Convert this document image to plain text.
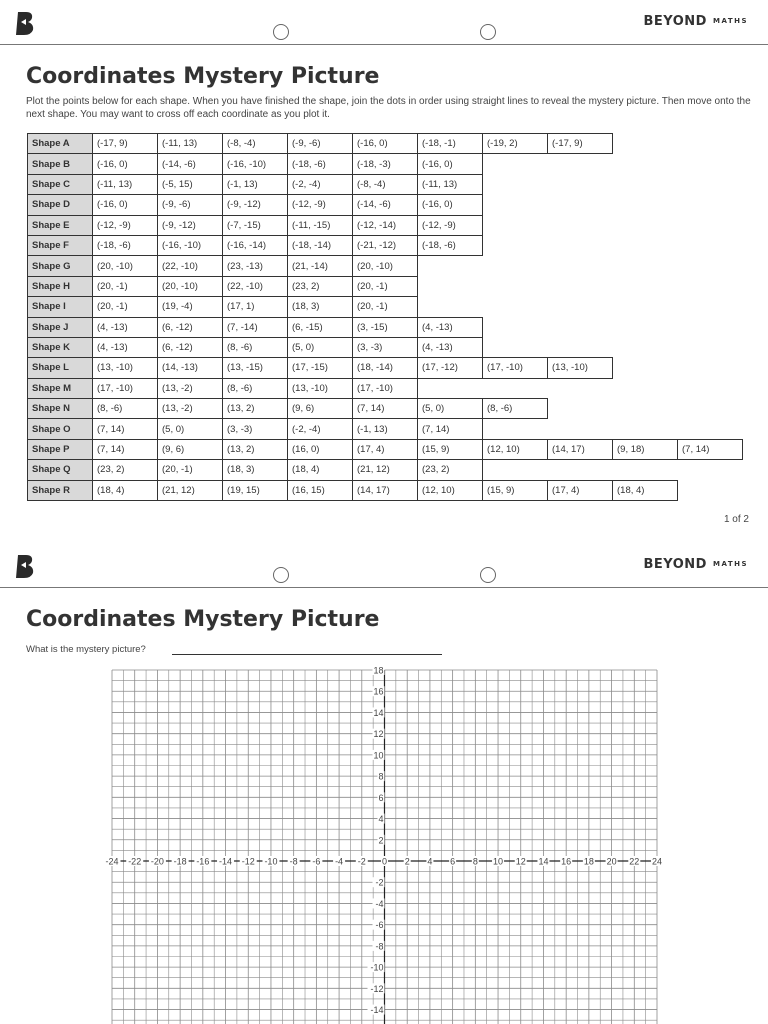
BEYOND $^{MATHS}$
Coordinates Mystery Picture

Plot the points below for each shape. When you have finished the shape, join the dots in order using straight lines to reveal the mystery picture. Then move onto the next shape. You may want to cross off each coordinate as you plot it.

Shape A	(-17, 9)	(-11, 13)	(-8, -4)	(-9, -6)	(-16, 0)	(-18, -1)	(-19, 2)	(-17, 9)		
Shape B	(-16, 0)	(-14, -6)	(-16, -10)	(-18, -6)	(-18, -3)	(-16, 0)				
Shape C	(-11, 13)	(-5, 15)	(-1, 13)	(-2, -4)	(-8, -4)	(-11, 13)				
Shape D	(-16, 0)	(-9, -6)	(-9, -12)	(-12, -9)	(-14, -6)	(-16, 0)				
Shape E	(-12, -9)	(-9, -12)	(-7, -15)	(-11, -15)	(-12, -14)	(-12, -9)				
Shape F	(-18, -6)	(-16, -10)	(-16, -14)	(-18, -14)	(-21, -12)	(-18, -6)				
Shape G	(20, -10)	(22, -10)	(23, -13)	(21, -14)	(20, -10)					
Shape H	(20, -1)	(20, -10)	(22, -10)	(23, 2)	(20, -1)					
Shape I	(20, -1)	(19, -4)	(17, 1)	(18, 3)	(20, -1)					
Shape J	(4, -13)	(6, -12)	(7, -14)	(6, -15)	(3, -15)	(4, -13)				
Shape K	(4, -13)	(6, -12)	(8, -6)	(5, 0)	(3, -3)	(4, -13)				
Shape L	(13, -10)	(14, -13)	(13, -15)	(17, -15)	(18, -14)	(17, -12)	(17, -10)	(13, -10)		
Shape M	(17, -10)	(13, -2)	(8, -6)	(13, -10)	(17, -10)					
Shape N	(8, -6)	(13, -2)	(13, 2)	(9, 6)	(7, 14)	(5, 0)	(8, -6)			
Shape O	(7, 14)	(5, 0)	(3, -3)	(-2, -4)	(-1, 13)	(7, 14)				
Shape P	(7, 14)	(9, 6)	(13, 2)	(16, 0)	(17, 4)	(15, 9)	(12, 10)	(14, 17)	(9, 18)	(7, 14)
Shape Q	(23, 2)	(20, -1)	(18, 3)	(18, 4)	(21, 12)	(23, 2)				
Shape R	(18, 4)	(21, 12)	(19, 15)	(16, 15)	(14, 17)	(12, 10)	(15, 9)	(17, 4)	(18, 4)	
1 of 2
BEYOND $^{MATHS}$
Coordinates Mystery Picture
What is the mystery picture?
-24 -22 -20 -18 -16 -14 -12 -10 -8 -6 -4 -2 0 2 4 6 8 10 12 14 16 18 20 22 24
18
16
14
12
10
8
6
4
2
-2
-4
-6
-8
-10
-12
-14
